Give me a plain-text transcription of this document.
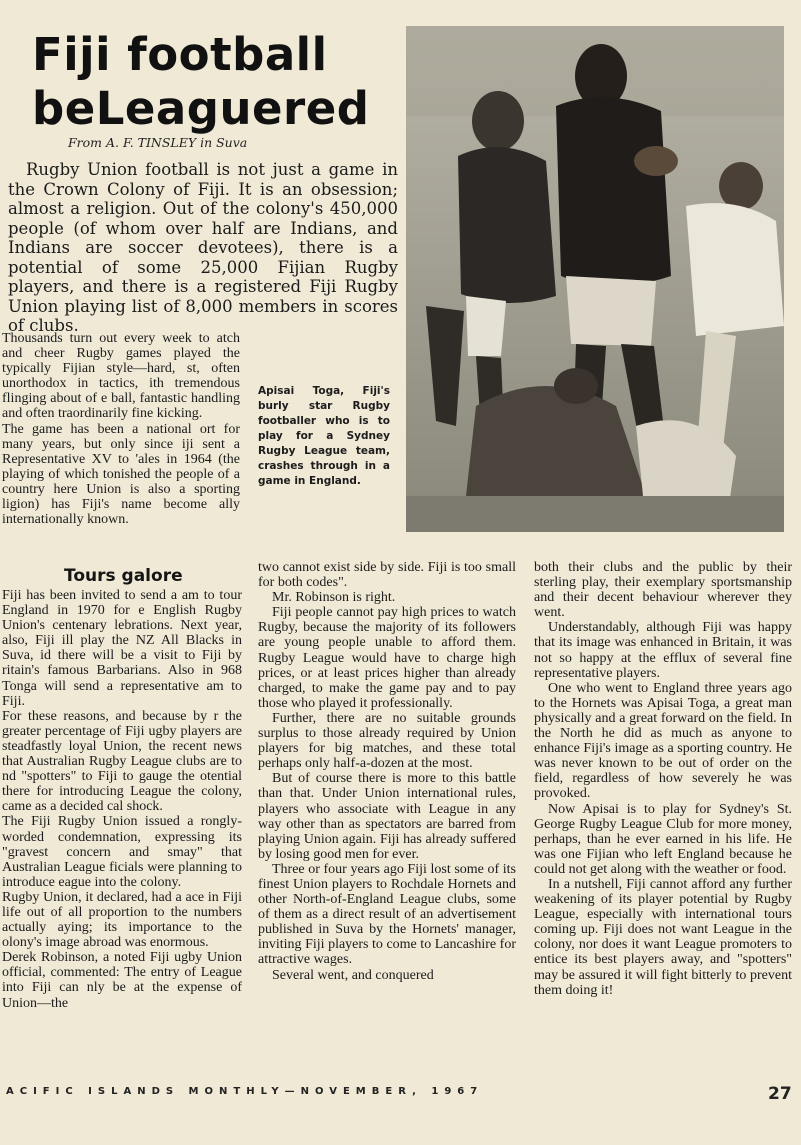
Fiji football
beLeaguered
From A. F. TINSLEY in Suva

Rugby Union football is not just a game in the Crown Colony of Fiji. It is an obsession; almost a religion. Out of the colony's 450,000 people (of whom over half are Indians, and Indians are soccer devotees), there is a potential of some 25,000 Fijian Rugby players, and there is a registered Fiji Rugby Union playing list of 8,000 members in scores of clubs.

Thousands turn out every week to atch and cheer Rugby games played the typically Fijian style—hard, st, often unorthodox in tactics, ith tremendous flinging about of e ball, fantastic handling and often traordinarily fine kicking.

The game has been a national ort for many years, but only since iji sent a Representative XV to 'ales in 1964 (the playing of which tonished the people of a country here Union is also a sporting ligion) has Fiji's name become ally internationally known.

Apisai Toga, Fiji's burly star Rugby footballer who is to play for a Sydney Rugby League team, crashes through in a game in England.
Tours galore

Fiji has been invited to send a am to tour England in 1970 for e English Rugby Union's centenary lebrations. Next year, also, Fiji ill play the NZ All Blacks in Suva, id there will be a visit to Fiji by ritain's famous Barbarians. Also in 968 Tonga will send a representative am to Fiji.

For these reasons, and because by r the greater percentage of Fiji ugby players are steadfastly loyal Union, the recent news that Australian Rugby League clubs are to nd "spotters" to Fiji to gauge the otential there for introducing League the colony, came as a decided cal shock.

The Fiji Rugby Union issued a rongly-worded condemnation, expressing its "gravest concern and smay" that Australian League ficials were planning to introduce eague into the colony.

Rugby Union, it declared, had a ace in Fiji life out of all proportion to the numbers actually aying; its importance to the olony's image abroad was enormous.

Derek Robinson, a noted Fiji ugby Union official, commented: The entry of League into Fiji can nly be at the expense of Union—the

two cannot exist side by side. Fiji is too small for both codes".

Mr. Robinson is right.

Fiji people cannot pay high prices to watch Rugby, because the majority of its followers are young people unable to afford them. Rugby League would have to charge high prices, or at least prices higher than already charged, to make the game pay and to pay those who played it professionally.

Further, there are no suitable grounds surplus to those already required by Union players for big matches, and these total perhaps only half-a-dozen at the most.

But of course there is more to this battle than that. Under Union international rules, players who associate with League in any way other than as spectators are barred from playing Union again. Fiji has already suffered by losing good men for ever.

Three or four years ago Fiji lost some of its finest Union players to Rochdale Hornets and other North-of-England League clubs, some of them as a direct result of an advertisement published in Suva by the Hornets' manager, inviting Fiji players to come to Lancashire for attractive wages.

Several went, and conquered

both their clubs and the public by their sterling play, their exemplary sportsmanship and their decent behaviour wherever they went.

Understandably, although Fiji was happy that its image was enhanced in Britain, it was not so happy at the efflux of several fine representative players.

One who went to England three years ago to the Hornets was Apisai Toga, a great man physically and a great forward on the field. In the North he did as much as anyone to enhance Fiji's image as a sporting country. He was never known to be out of order on the field, regardless of how severely he was provoked.

Now Apisai is to play for Sydney's St. George Rugby League Club for more money, perhaps, than he ever earned in his life. He was one Fijian who left England because he could not get along with the weather or food.

In a nutshell, Fiji cannot afford any further weakening of its player potential by Rugby League, especially with international tours coming up. Fiji does not want League in the colony, nor does it want League promoters to entice its best players away, and "spotters" may be assured it will fight bitterly to prevent them doing it!

ACIFIC ISLANDS MONTHLY—NOVEMBER, 1967	27
